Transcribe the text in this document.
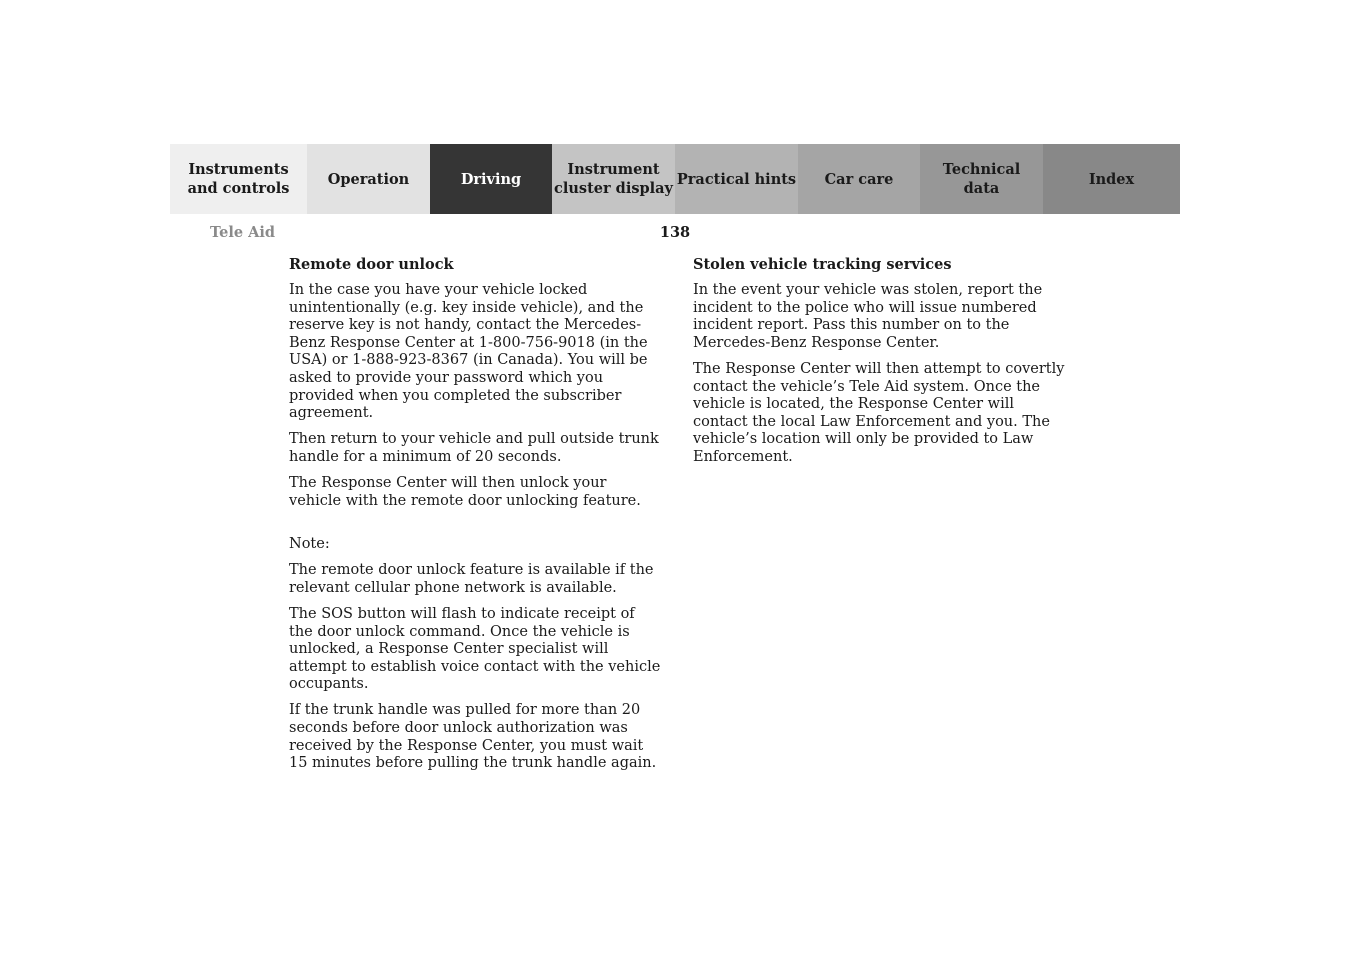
Instruments
and controls
Operation	Driving
Instrument
cluster display
Practical hints	Car care
Technical
data
Index
Tele Aid	138
Remote door unlock

In the case you have your vehicle locked unintentionally (e.g. key inside vehicle), and the reserve key is not handy, contact the Mercedes-Benz Response Center at 1-800-756-9018 (in the USA) or 1-888-923-8367 (in Canada). You will be asked to provide your password which you provided when you completed the subscriber agreement.

Then return to your vehicle and pull outside trunk handle for a minimum of 20 seconds.

The Response Center will then unlock your vehicle with the remote door unlocking feature.

Note:

The remote door unlock feature is available if the relevant cellular phone network is available.

The SOS button will flash to indicate receipt of the door unlock command. Once the vehicle is unlocked, a Response Center specialist will attempt to establish voice contact with the vehicle occupants.

If the trunk handle was pulled for more than 20 seconds before door unlock authorization was received by the Response Center, you must wait 15 minutes before pulling the trunk handle again.

Stolen vehicle tracking services

In the event your vehicle was stolen, report the incident to the police who will issue numbered incident report. Pass this number on to the Mercedes-Benz Response Center.

The Response Center will then attempt to covertly contact the vehicle’s Tele Aid system. Once the vehicle is located, the Response Center will contact the local Law Enforcement and you. The vehicle’s location will only be provided to Law Enforcement.
